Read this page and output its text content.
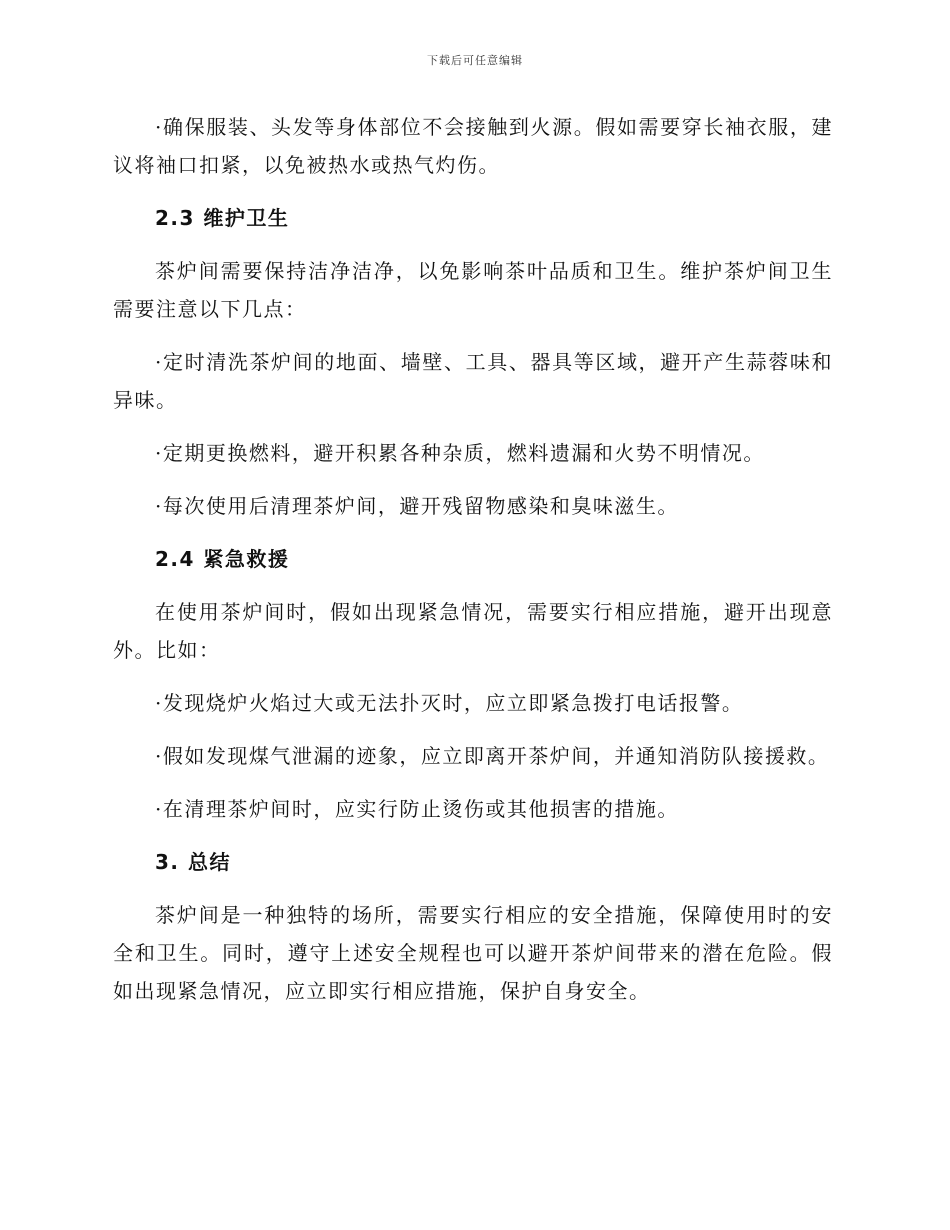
下载后可任意编辑

·确保服装、头发等身体部位不会接触到火源。假如需要穿长袖衣服，建议将袖口扣紧，以免被热水或热气灼伤。

2.3 维护卫生

茶炉间需要保持洁净洁净，以免影响茶叶品质和卫生。维护茶炉间卫生需要注意以下几点：

·定时清洗茶炉间的地面、墙壁、工具、器具等区域，避开产生蒜蓉味和异味。

·定期更换燃料，避开积累各种杂质，燃料遗漏和火势不明情况。

·每次使用后清理茶炉间，避开残留物感染和臭味滋生。

2.4 紧急救援

在使用茶炉间时，假如出现紧急情况，需要实行相应措施，避开出现意外。比如：

·发现烧炉火焰过大或无法扑灭时，应立即紧急拨打电话报警。

·假如发现煤气泄漏的迹象，应立即离开茶炉间，并通知消防队接援救。

·在清理茶炉间时，应实行防止烫伤或其他损害的措施。

3. 总结

茶炉间是一种独特的场所，需要实行相应的安全措施，保障使用时的安全和卫生。同时，遵守上述安全规程也可以避开茶炉间带来的潜在危险。假如出现紧急情况，应立即实行相应措施，保护自身安全。
